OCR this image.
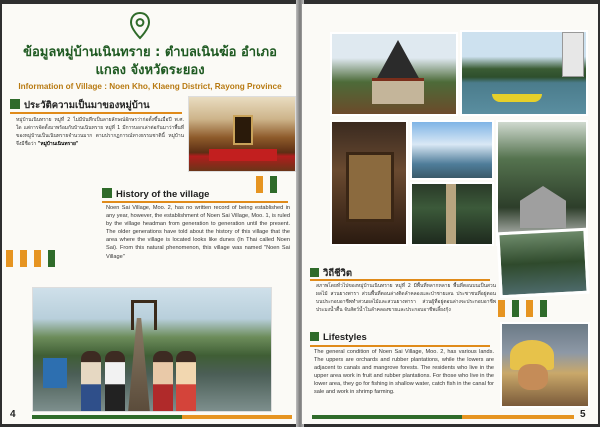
ข้อมูลหมู่บ้านเนินทราย : ตำบลเนินฆ้อ อำเภอแกลง จังหวัดระยอง
Information of Village : Noen Kho, Klaeng District, Rayong Province
ประวัติความเป็นมาของหมู่บ้าน
หมู่บ้านเนินทราย หมู่ที่ 2 ไม่มีบันทึกเป็นลายลักษณ์อักษรว่าก่อตั้งขึ้นเมื่อปี พ.ศ. ใด แต่การจัดตั้งมาพร้อมกับบ้านเนินทราย หมู่ที่ 1 มีการบอกเล่าต่อกันมาว่าพื้นที่ของหมู่บ้านเป็นเนินทรายจำนวนมาก ตามปรากฏการณ์ทางธรรมชาตินี้ หมู่บ้านจึงมีชื่อว่า "หมู่บ้านเนินทราย"
History of the village
Noen Sai Village, Moo. 2, has no written record of being established in any year, however, the establishment of Noen Sai Village, Moo. 1, is ruled by the village headman from generation to generation until the present. The older generations have told about the history of this village that the area where the village is located looks like dunes (In Thai called Noen Sai). From this natural phenomenon, this village was named "Noen Sai Village"
4
วิถีชีวิต
สภาพโดยทั่วไปของหมู่บ้านเนินทราย หมู่ที่ 2 มีพื้นที่หลากหลาย พื้นที่ตอนบนเป็นสวนผลไม้ สวนยางพารา ส่วนพื้นที่ตอนล่างติดลำคลองและป่าชายเลน ประชาชนที่อยู่ตอนบนประกอบอาชีพทำสวนผลไม้และสวนยางพารา ส่วนผู้ที่อยู่ตอนล่างจะประกอบอาชีพประมงน้ำตื้น จับสัตว์น้ำในลำคลองขายและประกอบอาชีพเลี้ยงกุ้ง
Lifestyles
The general condition of Noen Sai Village, Moo. 2, has various lands. The uppers are orchards and rubber plantations, while the lowers are adjacent to canals and mangrove forests. The residents who live in the upper area work in fruit and rubber plantations. For those who live in the lower area, they go for fishing in shallow water, catch fish in the canal for sale and work in shrimp farming.
5
